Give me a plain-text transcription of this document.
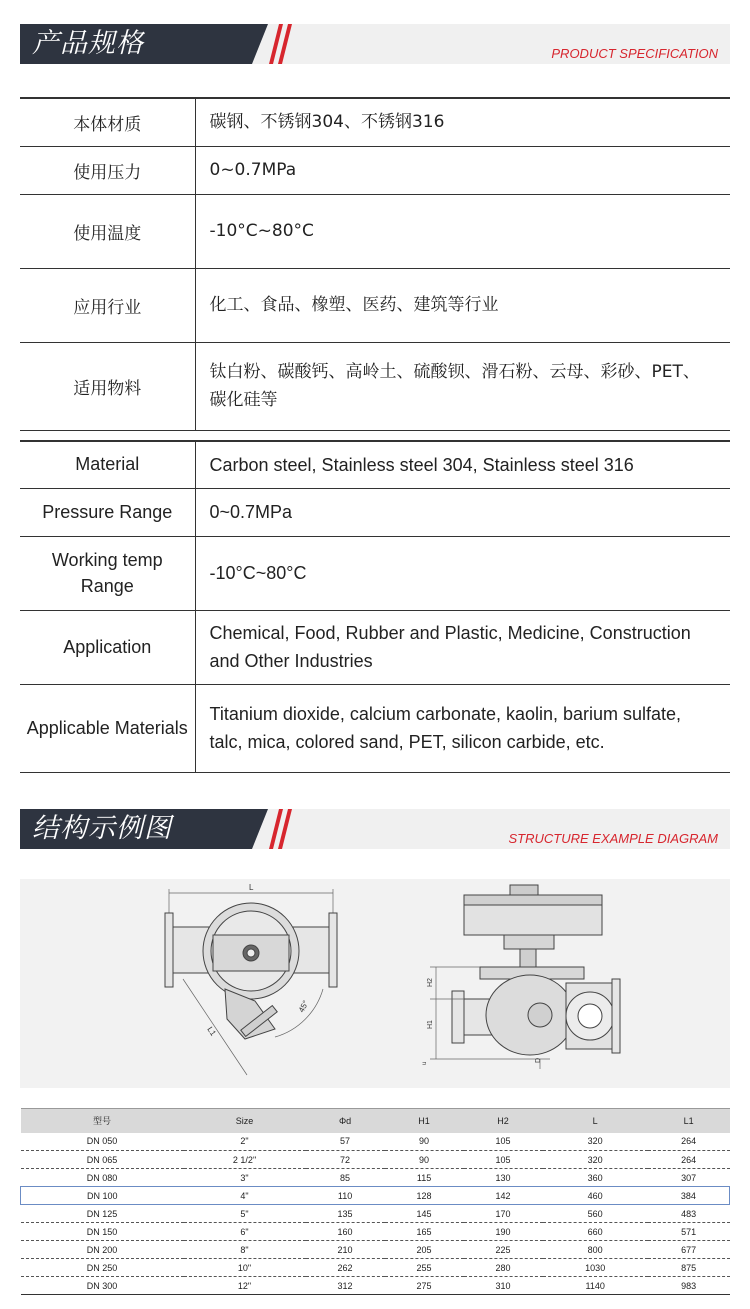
产品规格	PRODUCT SPECIFICATION
本体材质	碳钢、不锈钢304、不锈钢316
使用压力	0~0.7MPa
使用温度	-10°C~80°C
应用行业	化工、食品、橡塑、医药、建筑等行业
适用物料	钛白粉、碳酸钙、高岭土、硫酸钡、滑石粉、云母、彩砂、PET、碳化硅等
Material	Carbon steel, Stainless steel 304, Stainless steel 316
Pressure Range	0~0.7MPa
Working temp Range	-10°C~80°C
Application	Chemical, Food, Rubber and Plastic, Medicine, Construction and Other Industries
Applicable Materials	Titanium dioxide, calcium carbonate, kaolin, barium sulfate, talc, mica, colored sand, PET, silicon carbide, etc.
结构示例图	STRUCTURE EXAMPLE DIAGRAM
L
45°
L1
H2
H1
u
D
型号	Size	Φd	H1	H2	L	L1
DN 050	2"	57	90	105	320	264
DN 065	2 1/2"	72	90	105	320	264
DN 080	3"	85	115	130	360	307
DN 100	4"	110	128	142	460	384
DN 125	5"	135	145	170	560	483
DN 150	6"	160	165	190	660	571
DN 200	8"	210	205	225	800	677
DN 250	10"	262	255	280	1030	875
DN 300	12"	312	275	310	1140	983
